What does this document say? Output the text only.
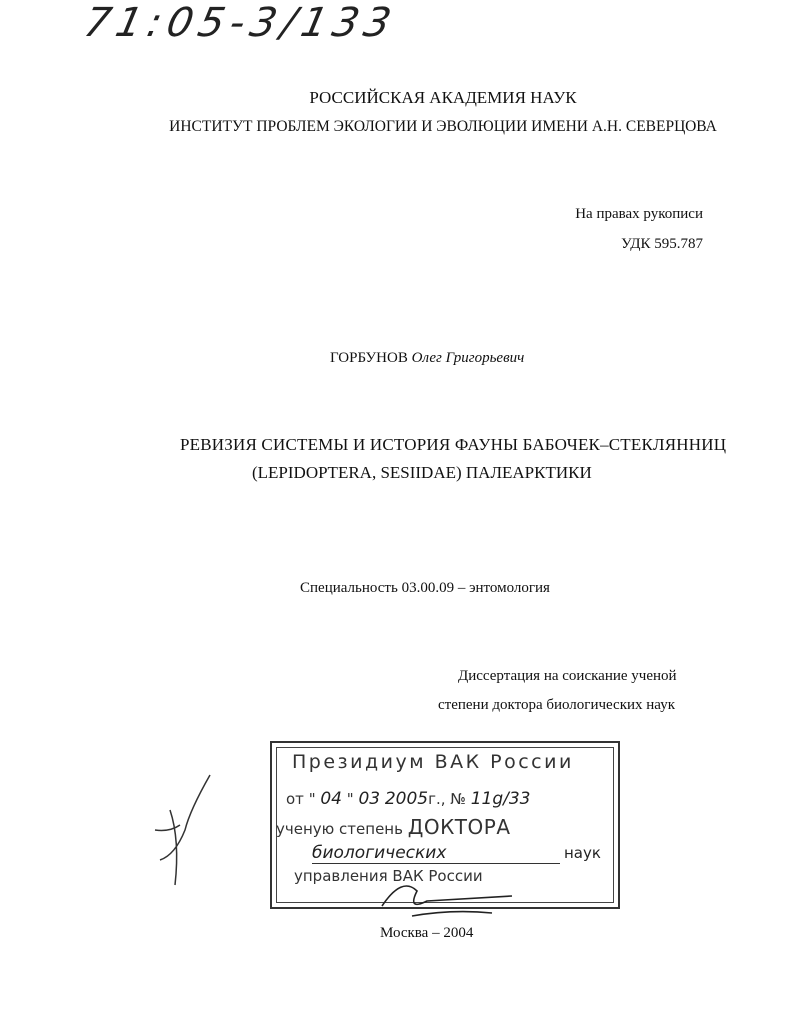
71:05-3/133
РОССИЙСКАЯ АКАДЕМИЯ НАУК
ИНСТИТУТ ПРОБЛЕМ ЭКОЛОГИИ И ЭВОЛЮЦИИ ИМЕНИ А.Н. СЕВЕРЦОВА
На правах рукописи
УДК 595.787
ГОРБУНОВ Олег Григорьевич
РЕВИЗИЯ СИСТЕМЫ И ИСТОРИЯ ФАУНЫ БАБОЧЕК–СТЕКЛЯННИЦ
(LEPIDOPTERA, SESIIDAE) ПАЛЕАРКТИКИ
Специальность 03.00.09 – энтомология
Диссертация на соискание ученой
степени доктора биологических наук
Президиум ВАК России
от " 04 " 03 2005г., № 11g/33
ученую степень ДОКТОРА
биологических	наук
управления ВАК России
Москва – 2004
